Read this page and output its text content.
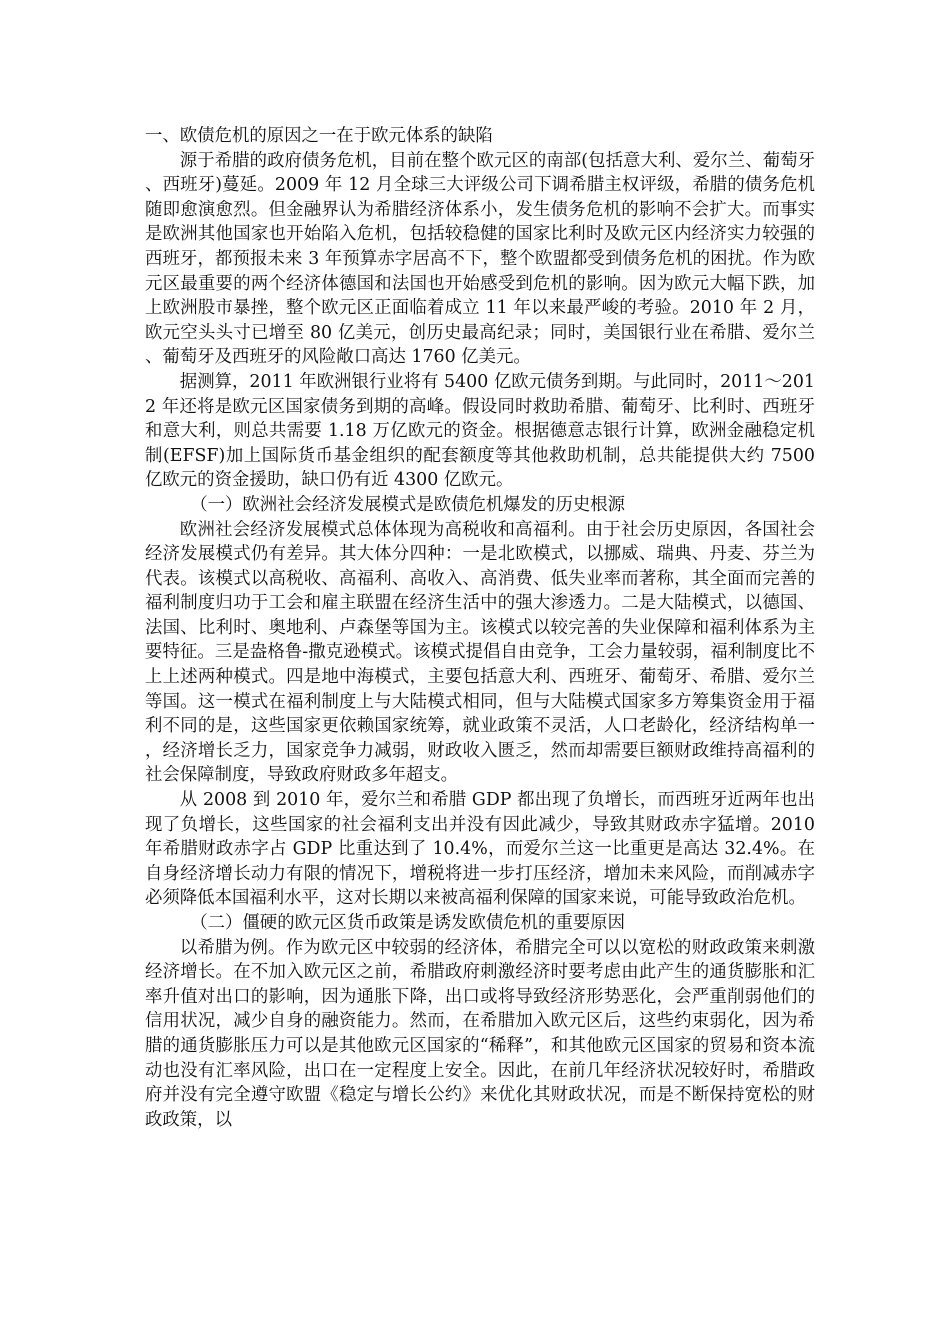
一、欧债危机的原因之一在于欧元体系的缺陷

源于希腊的政府债务危机，目前在整个欧元区的南部(包括意大利、爱尔兰、葡萄牙、西班牙)蔓延。2009 年 12 月全球三大评级公司下调希腊主权评级，希腊的债务危机随即愈演愈烈。但金融界认为希腊经济体系小，发生债务危机的影响不会扩大。而事实是欧洲其他国家也开始陷入危机，包括较稳健的国家比利时及欧元区内经济实力较强的西班牙，都预报未来 3 年预算赤字居高不下，整个欧盟都受到债务危机的困扰。作为欧元区最重要的两个经济体德国和法国也开始感受到危机的影响。因为欧元大幅下跌，加上欧洲股市暴挫，整个欧元区正面临着成立 11 年以来最严峻的考验。2010 年 2 月，欧元空头头寸已增至 80 亿美元，创历史最高纪录；同时，美国银行业在希腊、爱尔兰、葡萄牙及西班牙的风险敞口高达 1760 亿美元。

据测算，2011 年欧洲银行业将有 5400 亿欧元债务到期。与此同时，2011～2012 年还将是欧元区国家债务到期的高峰。假设同时救助希腊、葡萄牙、比利时、西班牙和意大利，则总共需要 1.18 万亿欧元的资金。根据德意志银行计算，欧洲金融稳定机制(EFSF)加上国际货币基金组织的配套额度等其他救助机制，总共能提供大约 7500 亿欧元的资金援助，缺口仍有近 4300 亿欧元。

（一）欧洲社会经济发展模式是欧债危机爆发的历史根源

欧洲社会经济发展模式总体体现为高税收和高福利。由于社会历史原因，各国社会经济发展模式仍有差异。其大体分四种：一是北欧模式，以挪威、瑞典、丹麦、芬兰为代表。该模式以高税收、高福利、高收入、高消费、低失业率而著称，其全面而完善的福利制度归功于工会和雇主联盟在经济生活中的强大渗透力。二是大陆模式，以德国、法国、比利时、奥地利、卢森堡等国为主。该模式以较完善的失业保障和福利体系为主要特征。三是盎格鲁-撒克逊模式。该模式提倡自由竞争，工会力量较弱，福利制度比不上上述两种模式。四是地中海模式，主要包括意大利、西班牙、葡萄牙、希腊、爱尔兰等国。这一模式在福利制度上与大陆模式相同，但与大陆模式国家多方筹集资金用于福利不同的是，这些国家更依赖国家统筹，就业政策不灵活，人口老龄化，经济结构单一，经济增长乏力，国家竞争力减弱，财政收入匮乏，然而却需要巨额财政维持高福利的社会保障制度，导致政府财政多年超支。

从 2008 到 2010 年，爱尔兰和希腊 GDP 都出现了负增长，而西班牙近两年也出现了负增长，这些国家的社会福利支出并没有因此减少，导致其财政赤字猛增。2010 年希腊财政赤字占 GDP 比重达到了 10.4%，而爱尔兰这一比重更是高达 32.4%。在自身经济增长动力有限的情况下，增税将进一步打压经济，增加未来风险，而削减赤字必须降低本国福利水平，这对长期以来被高福利保障的国家来说，可能导致政治危机。

（二）僵硬的欧元区货币政策是诱发欧债危机的重要原因

以希腊为例。作为欧元区中较弱的经济体，希腊完全可以以宽松的财政政策来刺激经济增长。在不加入欧元区之前，希腊政府刺激经济时要考虑由此产生的通货膨胀和汇率升值对出口的影响，因为通胀下降，出口或将导致经济形势恶化，会严重削弱他们的信用状况，减少自身的融资能力。然而，在希腊加入欧元区后，这些约束弱化，因为希腊的通货膨胀压力可以是其他欧元区国家的“稀释”，和其他欧元区国家的贸易和资本流动也没有汇率风险，出口在一定程度上安全。因此，在前几年经济状况较好时，希腊政府并没有完全遵守欧盟《稳定与增长公约》来优化其财政状况，而是不断保持宽松的财政政策，以
